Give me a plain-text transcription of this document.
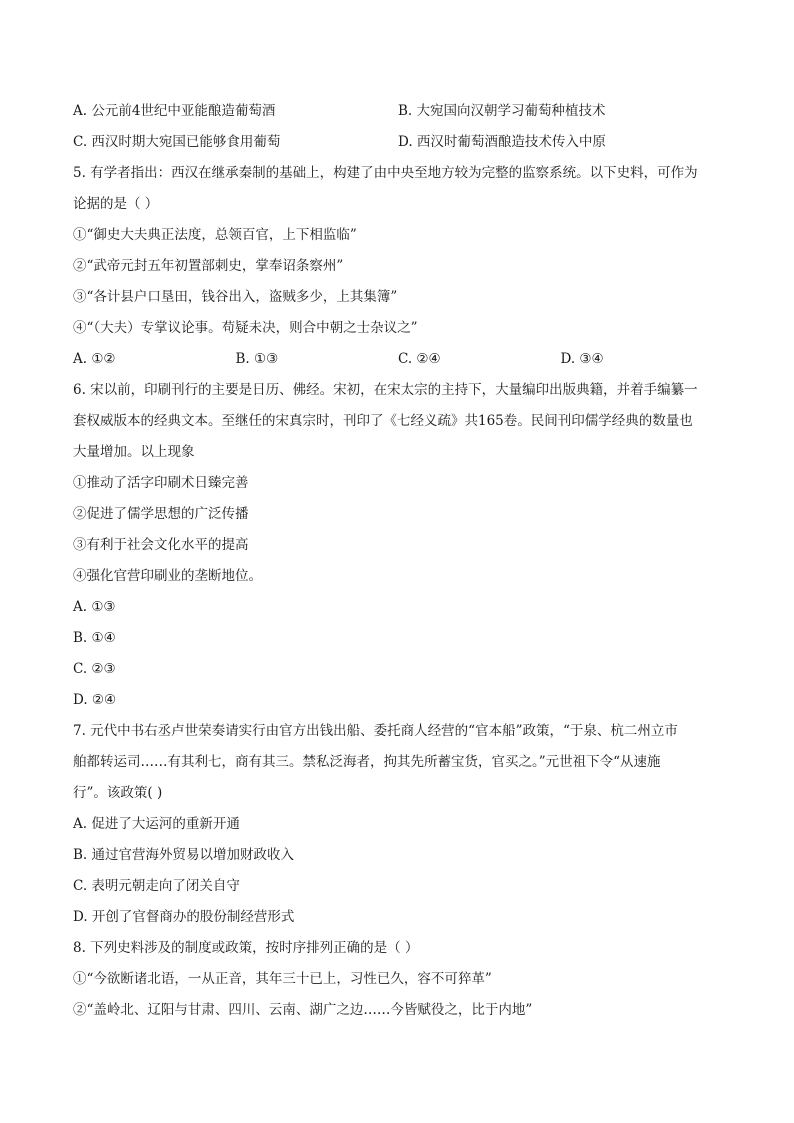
A. 公元前4世纪中亚能酿造葡萄酒	B. 大宛国向汉朝学习葡萄种植技术
C. 西汉时期大宛国已能够食用葡萄	D. 西汉时葡萄酒酿造技术传入中原
5. 有学者指出：西汉在继承秦制的基础上，构建了由中央至地方较为完整的监察系统。以下史料，可作为
论据的是（ ）
①“御史大夫典正法度，总领百官，上下相监临”
②“武帝元封五年初置部刺史，掌奉诏条察州”
③“各计县户口垦田，钱谷出入，盗贼多少，上其集簿”
④“（大夫）专掌议论事。苟疑未决，则合中朝之士杂议之”
A. ①②	B. ①③	C. ②④	D. ③④
6. 宋以前，印刷刊行的主要是日历、佛经。宋初，在宋太宗的主持下，大量编印出版典籍，并着手编纂一
套权威版本的经典文本。至继任的宋真宗时，刊印了《七经义疏》共165卷。民间刊印儒学经典的数量也
大量增加。以上现象
①推动了活字印刷术日臻完善
②促进了儒学思想的广泛传播
③有利于社会文化水平的提高
④强化官营印刷业的垄断地位。
A. ①③
B. ①④
C. ②③
D. ②④
7. 元代中书右丞卢世荣奏请实行由官方出钱出船、委托商人经营的“官本船”政策，“于泉、杭二州立市
舶都转运司……有其利七，商有其三。禁私泛海者，拘其先所蓄宝货，官买之。”元世祖下令“从速施
行”。该政策( )
A. 促进了大运河的重新开通
B. 通过官营海外贸易以增加财政收入
C. 表明元朝走向了闭关自守
D. 开创了官督商办的股份制经营形式
8. 下列史料涉及的制度或政策，按时序排列正确的是（ ）
①“今欲断诸北语，一从正音，其年三十已上，习性已久，容不可猝革”
②“盖岭北、辽阳与甘肃、四川、云南、湖广之边……今皆赋役之，比于内地”
